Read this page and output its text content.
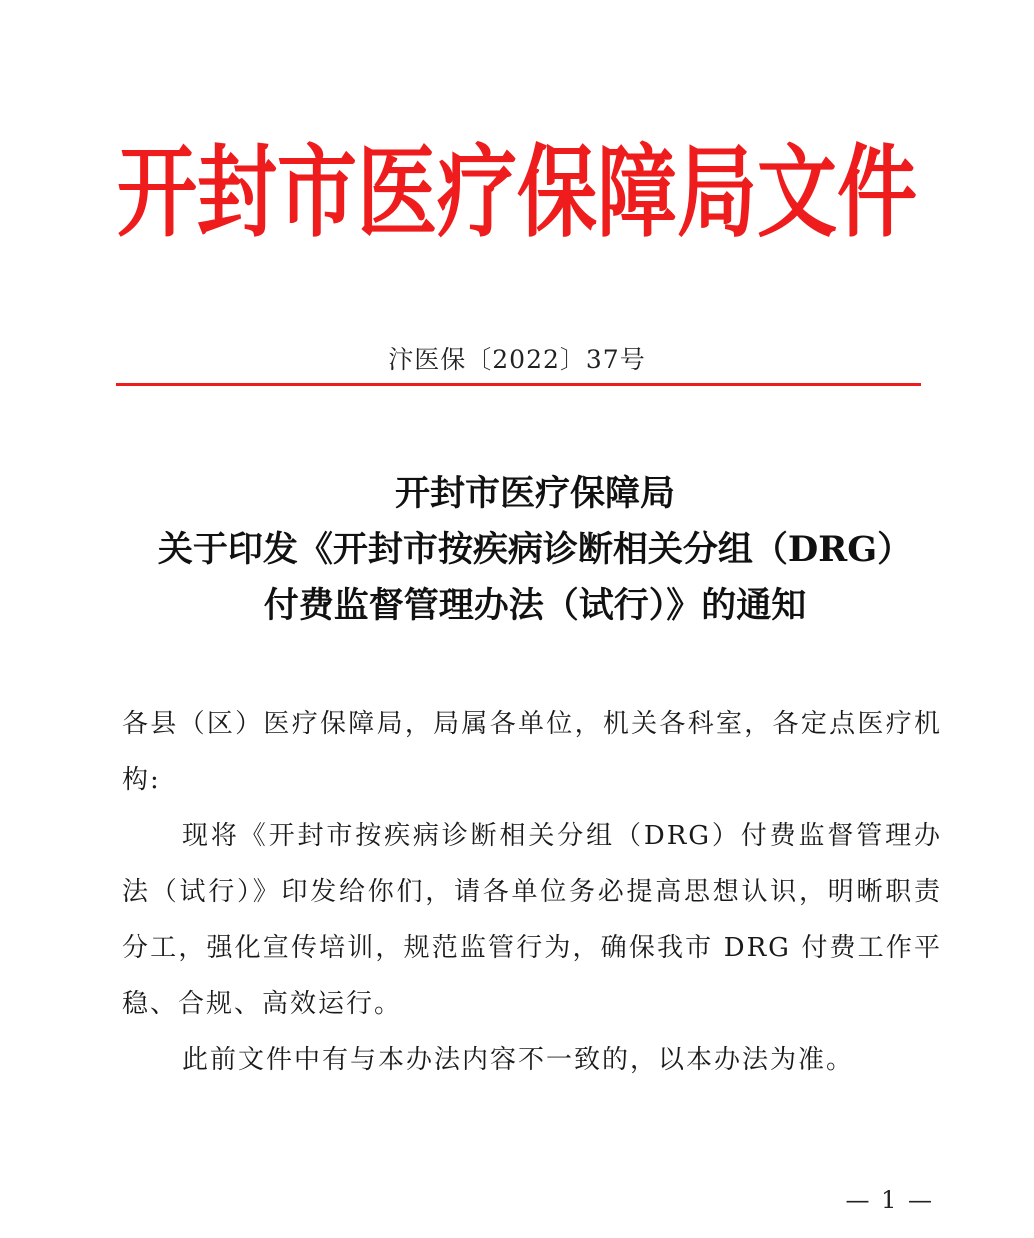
开封市医疗保障局文件
汴医保〔2022〕37号
开封市医疗保障局
关于印发《开封市按疾病诊断相关分组（DRG）
付费监督管理办法（试行）》的通知

各县（区）医疗保障局，局属各单位，机关各科室，各定点医疗机构:

现将《开封市按疾病诊断相关分组（DRG）付费监督管理办法（试行）》印发给你们，请各单位务必提高思想认识，明晰职责分工，强化宣传培训，规范监管行为，确保我市 DRG 付费工作平稳、合规、高效运行。

此前文件中有与本办法内容不一致的，以本办法为准。

— 1 —
